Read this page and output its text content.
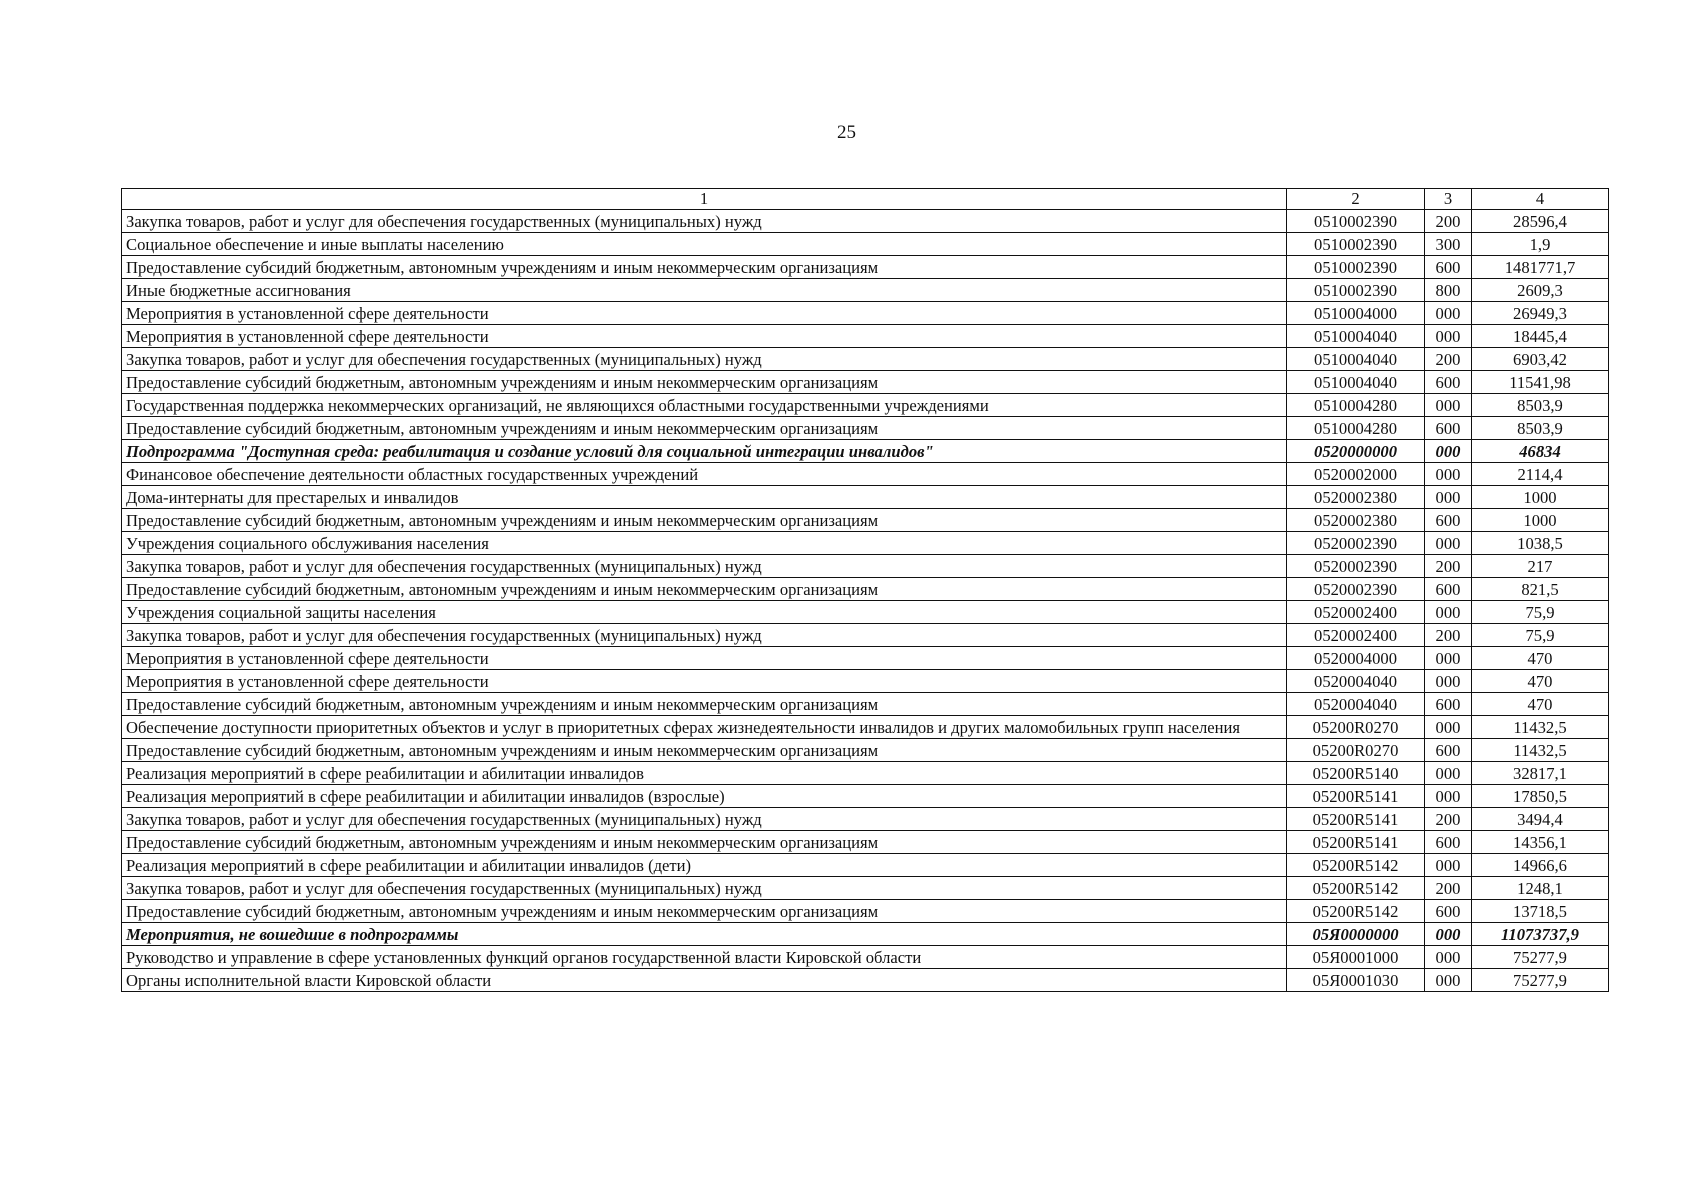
25
1	2	3	4
Закупка товаров, работ и услуг для обеспечения государственных (муниципальных) нужд	0510002390	200	28596,4
Социальное обеспечение и иные выплаты населению	0510002390	300	1,9
Предоставление субсидий бюджетным, автономным учреждениям и иным некоммерческим организациям	0510002390	600	1481771,7
Иные бюджетные ассигнования	0510002390	800	2609,3
Мероприятия в установленной сфере деятельности	0510004000	000	26949,3
Мероприятия в установленной сфере деятельности	0510004040	000	18445,4
Закупка товаров, работ и услуг для обеспечения государственных (муниципальных) нужд	0510004040	200	6903,42
Предоставление субсидий бюджетным, автономным учреждениям и иным некоммерческим организациям	0510004040	600	11541,98
Государственная поддержка некоммерческих организаций, не являющихся областными государственными учреждениями	0510004280	000	8503,9
Предоставление субсидий бюджетным, автономным учреждениям и иным некоммерческим организациям	0510004280	600	8503,9
Подпрограмма "Доступная среда: реабилитация и создание условий для социальной интеграции инвалидов"	0520000000	000	46834
Финансовое обеспечение деятельности областных государственных учреждений	0520002000	000	2114,4
Дома-интернаты для престарелых и инвалидов	0520002380	000	1000
Предоставление субсидий бюджетным, автономным учреждениям и иным некоммерческим организациям	0520002380	600	1000
Учреждения социального обслуживания населения	0520002390	000	1038,5
Закупка товаров, работ и услуг для обеспечения государственных (муниципальных) нужд	0520002390	200	217
Предоставление субсидий бюджетным, автономным учреждениям и иным некоммерческим организациям	0520002390	600	821,5
Учреждения социальной защиты населения	0520002400	000	75,9
Закупка товаров, работ и услуг для обеспечения государственных (муниципальных) нужд	0520002400	200	75,9
Мероприятия в установленной сфере деятельности	0520004000	000	470
Мероприятия в установленной сфере деятельности	0520004040	000	470
Предоставление субсидий бюджетным, автономным учреждениям и иным некоммерческим организациям	0520004040	600	470
Обеспечение доступности приоритетных объектов и услуг в приоритетных сферах жизнедеятельности инвалидов и других маломобильных групп населения	05200R0270	000	11432,5
Предоставление субсидий бюджетным, автономным учреждениям и иным некоммерческим организациям	05200R0270	600	11432,5
Реализация мероприятий в сфере реабилитации и абилитации инвалидов	05200R5140	000	32817,1
Реализация мероприятий в сфере реабилитации и абилитации инвалидов (взрослые)	05200R5141	000	17850,5
Закупка товаров, работ и услуг для обеспечения государственных (муниципальных) нужд	05200R5141	200	3494,4
Предоставление субсидий бюджетным, автономным учреждениям и иным некоммерческим организациям	05200R5141	600	14356,1
Реализация мероприятий в сфере реабилитации и абилитации инвалидов (дети)	05200R5142	000	14966,6
Закупка товаров, работ и услуг для обеспечения государственных (муниципальных) нужд	05200R5142	200	1248,1
Предоставление субсидий бюджетным, автономным учреждениям и иным некоммерческим организациям	05200R5142	600	13718,5
Мероприятия, не вошедшие в подпрограммы	05Я0000000	000	11073737,9
Руководство и управление в сфере установленных функций органов государственной власти Кировской области	05Я0001000	000	75277,9
Органы исполнительной власти Кировской области	05Я0001030	000	75277,9
